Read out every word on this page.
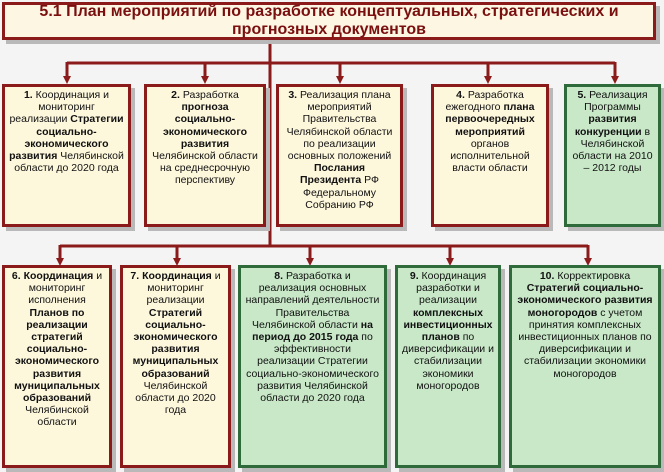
5.1 План мероприятий по разработке концептуальных, стратегических и прогнозных документов
1. Координация и мониторинг реализации Стратегии социально-экономического развития Челябинской области до 2020 года
2. Разработка прогноза социально-экономического развития Челябинской области на среднесрочную перспективу
3. Реализация плана мероприятий Правительства Челябинской области по реализации основных положений Послания Президента РФ Федеральному Собранию РФ
4. Разработка ежегодного плана первоочередных мероприятий органов исполнительной власти области
5. Реализация Программы развития конкуренции в Челябинской области на 2010 – 2012 годы
6. Координация и мониторинг исполнения Планов по реализации стратегий социально-экономического развития муниципальных образований Челябинской области
7. Координация и мониторинг реализации Стратегий социально-экономического развития муниципальных образований Челябинской области до 2020 года
8. Разработка и реализация основных направлений деятельности Правительства Челябинской области на период до 2015 года по эффективности реализации Стратегии социально-экономического развития Челябинской области до 2020 года
9. Координация разработки и реализации комплексных инвестиционных планов по диверсификации и стабилизации экономики моногородов
10. Корректировка Стратегий социально-экономического развития моногородов с учетом принятия комплексных инвестиционных планов по диверсификации и стабилизации экономики моногородов
